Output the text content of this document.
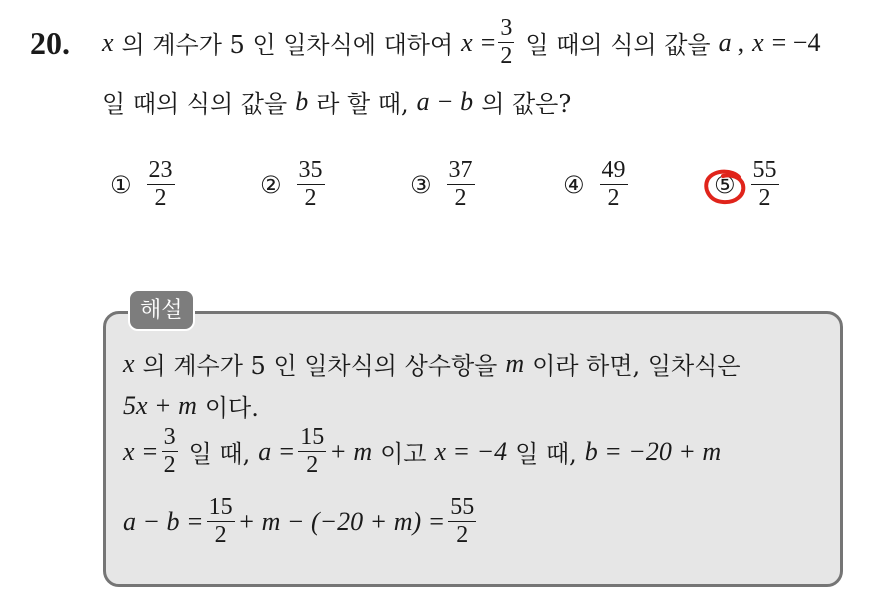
20. x 의 계수가 5 인 일차식에 대하여 $x = \frac{3}{2}$ 일 때의 식의 값을 a , x = −4
일 때의 식의 값을 b 라 할 때, a − b 의 값은?
① $\frac{23}{2}$	② $\frac{35}{2}$	③ $\frac{37}{2}$	④ $\frac{49}{2}$	⑤ $\frac{55}{2}$
해설
x 의 계수가 5 인 일차식의 상수항을 m 이라 하면, 일차식은
5x + m 이다.
$x = \frac{3}{2}$ 일 때, $a = \frac{15}{2} + m$ 이고 x = −4 일 때, b = −20 + m
$a - b = \frac{15}{2} + m - (-20 + m) = \frac{55}{2}$
